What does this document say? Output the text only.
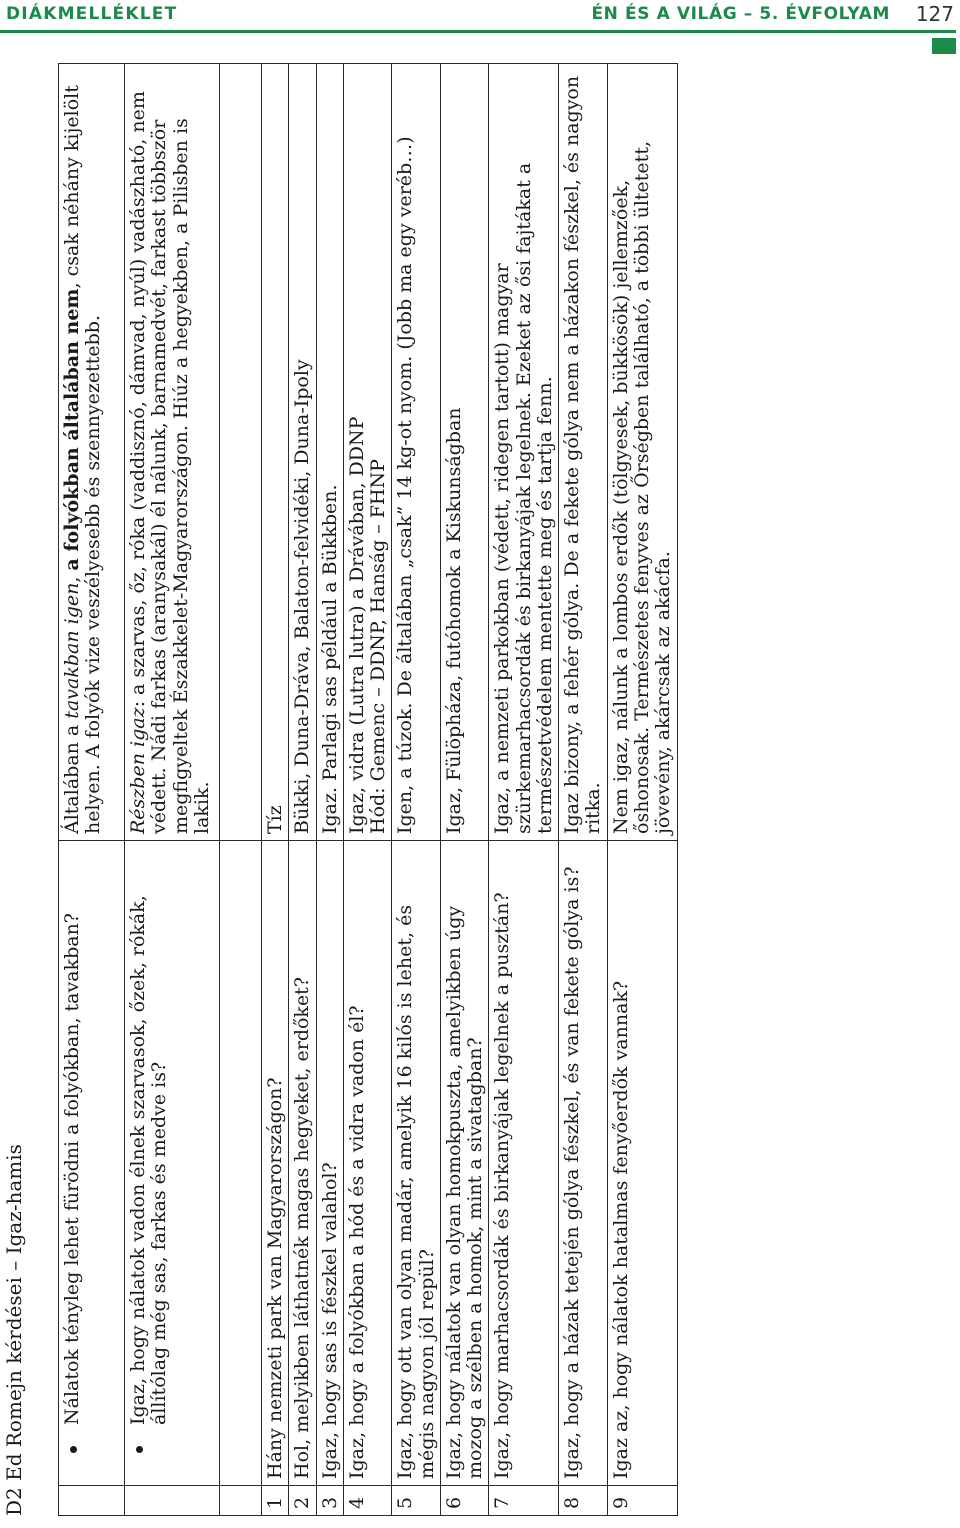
DIÁKMELLÉKLET	ÉN ÉS A VILÁG – 5. ÉVFOLYAM 127
D2 Ed Romejn kérdései – Igaz-hamis

	Nálatok tényleg lehet fürödni a folyókban, tavakban?	Általában a tavakban igen, a folyókban általában nem, csak néhány kijelölt helyen. A folyók vize veszélyesebb és szennyezettebb.

	Igaz, hogy nálatok vadon élnek szarvasok, őzek, rókák, állítólag még sas, farkas és medve is?	Részben igaz: a szarvas, őz, róka (vaddisznó, dámvad, nyúl) vadászható, nem védett. Nádi farkas (aranysakál) él nálunk, barnamedvét, farkast többször megfigyeltek Északkelet-Magyarországon. Hiúz a hegyekben, a Pilisben is lakik.

1	Hány nemzeti park van Magyarországon?	Tíz
2	Hol, melyikben láthatnék magas hegyeket, erdőket?	Bükki, Duna-Dráva, Balaton-felvidéki, Duna-Ipoly
3	Igaz, hogy sas is fészkel valahol?	Igaz. Parlagi sas például a Bükkben.
4	Igaz, hogy a folyókban a hód és a vidra vadon él?	Igaz, vidra (Lutra lutra) a Drávában, DDNP Hód: Gemenc – DDNP, Hanság – FHNP

5	Igaz, hogy ott van olyan madár, amelyik 16 kilós is lehet, és mégis nagyon jól repül?	Igen, a túzok. De általában „csak” 14 kg-ot nyom. (Jobb ma egy veréb…)
6	Igaz, hogy nálatok van olyan homokpuszta, amelyikben úgy mozog a szélben a homok, mint a sivatagban?	Igaz, Fülöpháza, futóhomok a Kiskunságban
7	Igaz, hogy marhacsordák és birkanyájak legelnek a pusztán?	Igaz, a nemzeti parkokban (védett, ridegen tartott) magyar szürkemarhacsordák és birkanyájak legelnek. Ezeket az ősi fajtákat a természetvédelem mentette meg és tartja fenn.
8	Igaz, hogy a házak tetején gólya fészkel, és van fekete gólya is?	Igaz bizony, a fehér gólya. De a fekete gólya nem a házakon fészkel, és nagyon ritka.
9	Igaz az, hogy nálatok hatalmas fenyőerdők vannak?	Nem igaz, nálunk a lombos erdők (tölgyesek, bükkösök) jellemzőek, őshonosak. Természetes fenyves az Őrségben található, a többi ültetett, jövevény, akárcsak az akácfa.
